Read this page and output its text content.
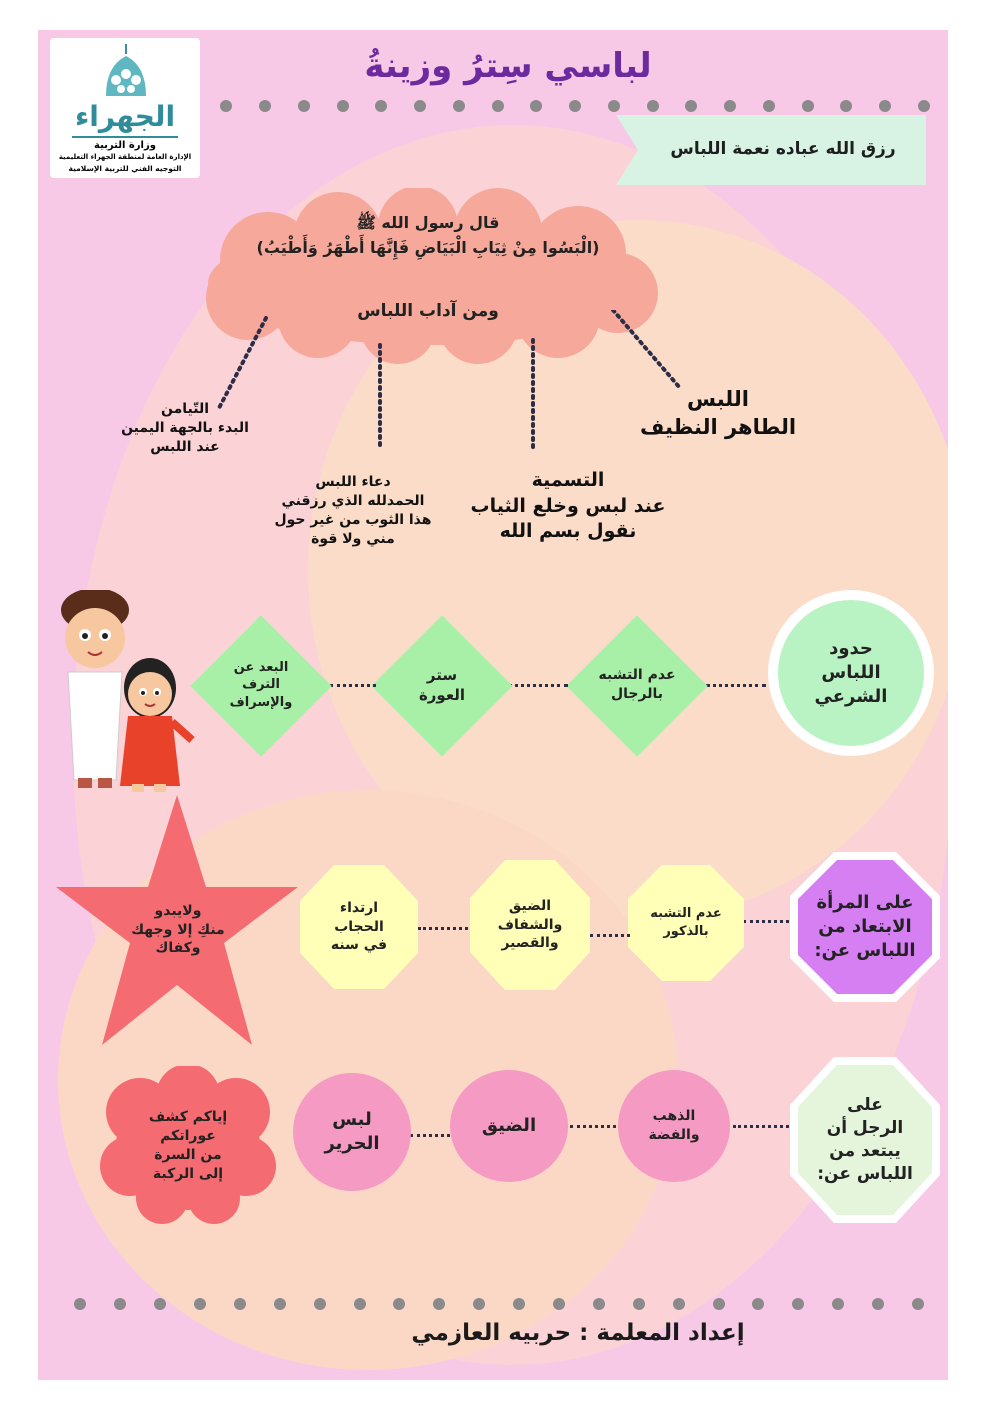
الجهراء
وزارة التربية
الإدارة العامة لمنطقة الجهراء التعليمية
التوجيه الفني للتربية الإسلامية
لباسي سِترُ وزينةُ
رزق الله عباده نعمة اللباس
قال رسول الله ﷺ
(الْبَسُوا مِنْ ثِيَابِ الْبَيَاضِ فَإِنَّهَا أَطْهَرُ وَأَطْيَبُ)
ومن آداب اللباس
اللبس
الطاهر النظيف
التسمية
عند لبس وخلع الثياب
نقول بسم الله
دعاء اللبس
الحمدلله الذي رزقني
هذا الثوب من غير حول
مني ولا قوة
التّيامن
البدء بالجهة اليمين
عند اللبس
حدود
اللباس
الشرعي
عدم التشبه
بالرجال
ستر
العورة
البعد عن
الترف
والإسراف
على المرأة
الابتعاد من
اللباس عن:
عدم التشبه
بالذكور
الضيق
والشفاف
والقصير
ارتداء
الحجاب
في سنه
ولايبدو
منكِ إلا وجهك
وكفاك
على
الرجل أن
يبتعد من
اللباس عن:
الذهب
والفضة
الضيق
لبس
الحرير
إياكم كشف
عوراتكم
من السرة
إلى الركبة
إعداد المعلمة : حربيه العازمي
